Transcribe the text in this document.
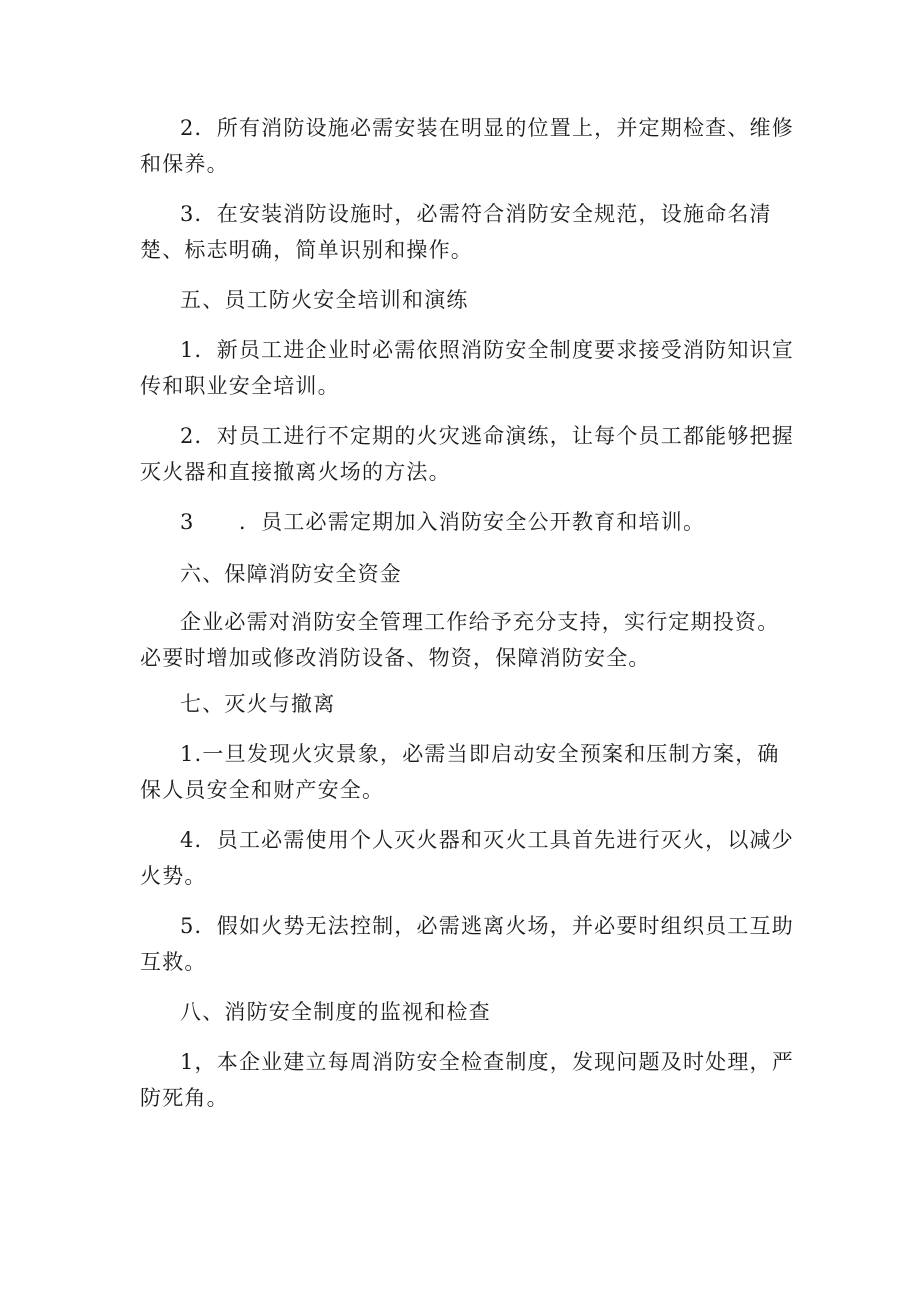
2．所有消防设施必需安装在明显的位置上，并定期检查、维修和保养。

3．在安装消防设施时，必需符合消防安全规范，设施命名清楚、标志明确，简单识别和操作。

五、员工防火安全培训和演练

1．新员工进企业时必需依照消防安全制度要求接受消防知识宣传和职业安全培训。

2．对员工进行不定期的火灾逃命演练，让每个员工都能够把握灭火器和直接撤离火场的方法。

3　　．员工必需定期加入消防安全公开教育和培训。

六、保障消防安全资金

企业必需对消防安全管理工作给予充分支持，实行定期投资。必要时增加或修改消防设备、物资，保障消防安全。

七、灭火与撤离

1.一旦发现火灾景象，必需当即启动安全预案和压制方案，确保人员安全和财产安全。

4．员工必需使用个人灭火器和灭火工具首先进行灭火，以减少火势。

5．假如火势无法控制，必需逃离火场，并必要时组织员工互助互救。

八、消防安全制度的监视和检查

1，本企业建立每周消防安全检查制度，发现问题及时处理，严防死角。
